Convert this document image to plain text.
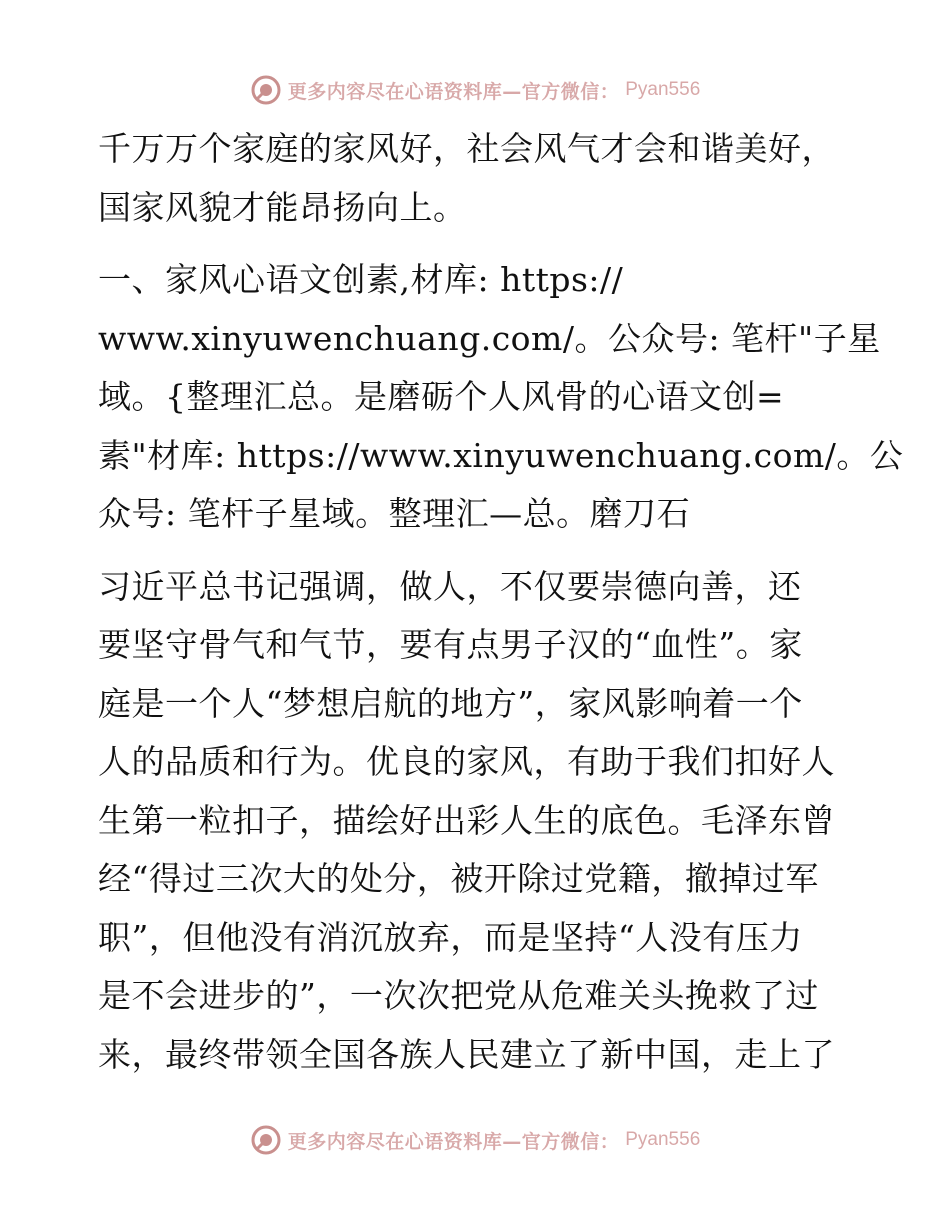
更多内容尽在心语资料库—官方微信： Pyan556
千万万个家庭的家风好，社会风气才会和谐美好，
国家风貌才能昂扬向上。
一、家风心语文创素,材库: https://
www.xinyuwenchuang.com/。公众号: 笔杆"子星
域。{整理汇总。是磨砺个人风骨的心语文创=
素"材库: https://www.xinyuwenchuang.com/。公
众号: 笔杆子星域。整理汇—总。磨刀石
习近平总书记强调，做人，不仅要崇德向善，还
要坚守骨气和气节，要有点男子汉的“血性”。家
庭是一个人“梦想启航的地方”，家风影响着一个
人的品质和行为。优良的家风，有助于我们扣好人
生第一粒扣子，描绘好出彩人生的底色。毛泽东曾
经“得过三次大的处分，被开除过党籍，撤掉过军
职”，但他没有消沉放弃，而是坚持“人没有压力
是不会进步的”，一次次把党从危难关头挽救了过
来，最终带领全国各族人民建立了新中国，走上了
更多内容尽在心语资料库—官方微信： Pyan556
